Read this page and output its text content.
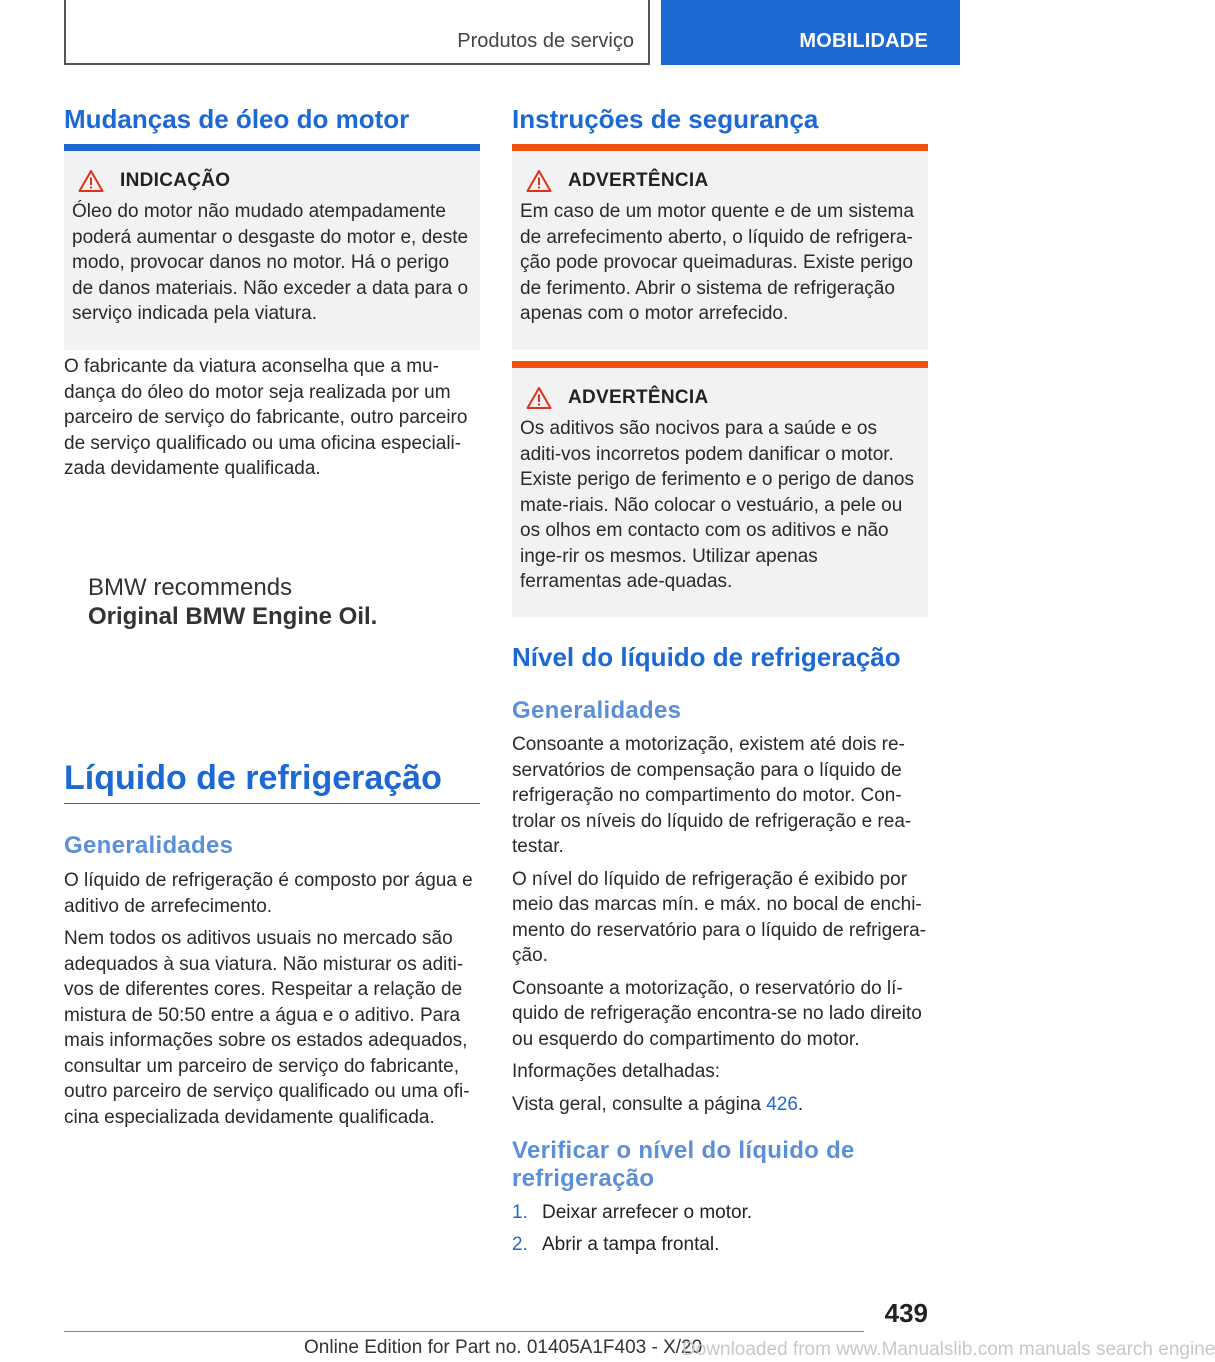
Produtos de serviço	MOBILIDADE
Mudanças de óleo do motor
INDICAÇÃO

Óleo do motor não mudado atempadamente poderá aumentar o desgaste do motor e, deste modo, provocar danos no motor. Há o perigo de danos materiais. Não exceder a data para o serviço indicada pela viatura.

O fabricante da viatura aconselha que a mu-dança do óleo do motor seja realizada por um parceiro de serviço do fabricante, outro parceiro de serviço qualificado ou uma oficina especiali-zada devidamente qualificada.

Líquido de refrigeração
Generalidades

O líquido de refrigeração é composto por água e aditivo de arrefecimento.

Nem todos os aditivos usuais no mercado são adequados à sua viatura. Não misturar os aditi-vos de diferentes cores. Respeitar a relação de mistura de 50:50 entre a água e o aditivo. Para mais informações sobre os estados adequados, consultar um parceiro de serviço do fabricante, outro parceiro de serviço qualificado ou uma ofi-cina especializada devidamente qualificada.

BMW recommends
Original BMW Engine Oil.
Instruções de segurança
ADVERTÊNCIA

Em caso de um motor quente e de um sistema de arrefecimento aberto, o líquido de refrigera-ção pode provocar queimaduras. Existe perigo de ferimento. Abrir o sistema de refrigeração apenas com o motor arrefecido.

ADVERTÊNCIA

Os aditivos são nocivos para a saúde e os aditi-vos incorretos podem danificar o motor. Existe perigo de ferimento e o perigo de danos mate-riais. Não colocar o vestuário, a pele ou os olhos em contacto com os aditivos e não inge-rir os mesmos. Utilizar apenas ferramentas ade-quadas.

Nível do líquido de refrigeração
Generalidades

Consoante a motorização, existem até dois re-servatórios de compensação para o líquido de refrigeração no compartimento do motor. Con-trolar os níveis do líquido de refrigeração e rea-testar.

O nível do líquido de refrigeração é exibido por meio das marcas mín. e máx. no bocal de enchi-mento do reservatório para o líquido de refrigera-ção.

Consoante a motorização, o reservatório do lí-quido de refrigeração encontra-se no lado direito ou esquerdo do compartimento do motor.

Informações detalhadas:

Vista geral, consulte a página 426.

Verificar o nível do líquido de refrigeração
1. Deixar arrefecer o motor.
2. Abrir a tampa frontal.
439
Online Edition for Part no. 01405A1F403 - X/20
Downloaded from www.Manualslib.com manuals search engine
